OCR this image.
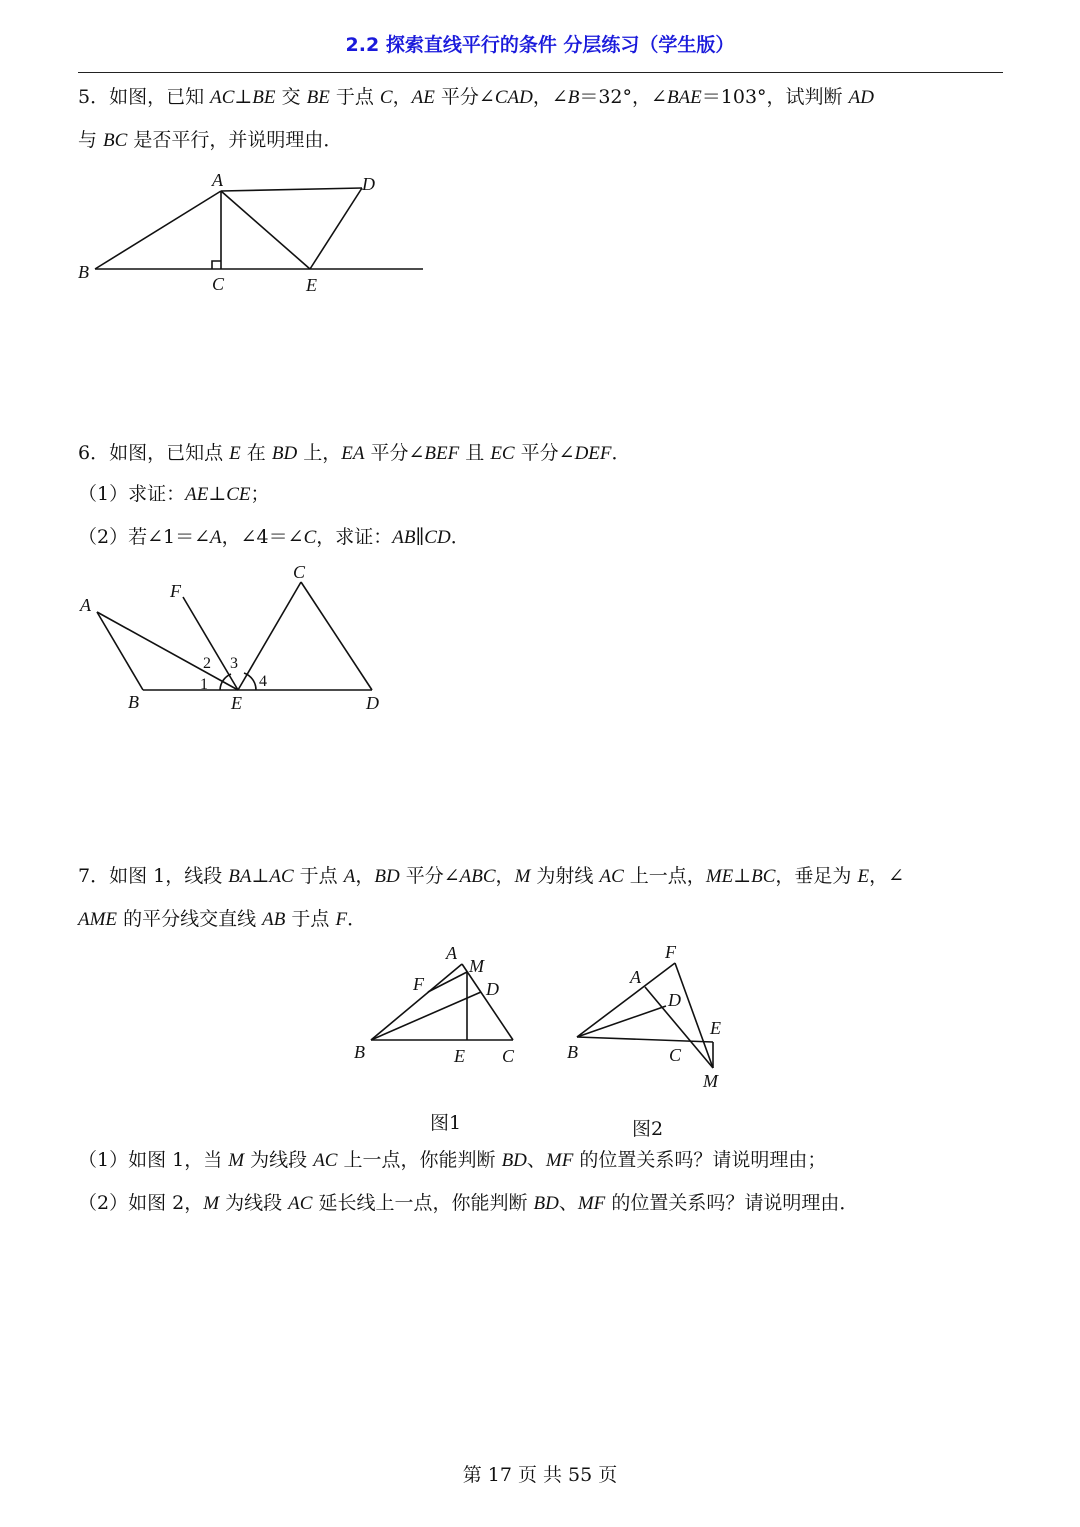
2.2 探索直线平行的条件 分层练习（学生版）
5．如图，已知 AC⊥BE 交 BE 于点 C，AE 平分∠CAD，∠B＝32°，∠BAE＝103°，试判断 AD
与 BC 是否平行，并说明理由．
A	D
B
C	E
6．如图，已知点 E 在 BD 上，EA 平分∠BEF 且 EC 平分∠DEF．
（1）求证：AE⊥CE；
（2）若∠1＝∠A，∠4＝∠C，求证：AB∥CD．
A
F
C
B	E	D
1
2 3
4
7．如图 1，线段 BA⊥AC 于点 A，BD 平分∠ABC，M 为射线 AC 上一点，ME⊥BC，垂足为 E，∠
AME 的平分线交直线 AB 于点 F．
A
M
F	D
B	E C
F
A
D
E
B	C
M
图1	图2
（1）如图 1，当 M 为线段 AC 上一点，你能判断 BD、MF 的位置关系吗？请说明理由；
（2）如图 2，M 为线段 AC 延长线上一点，你能判断 BD、MF 的位置关系吗？请说明理由．
第 17 页 共 55 页
